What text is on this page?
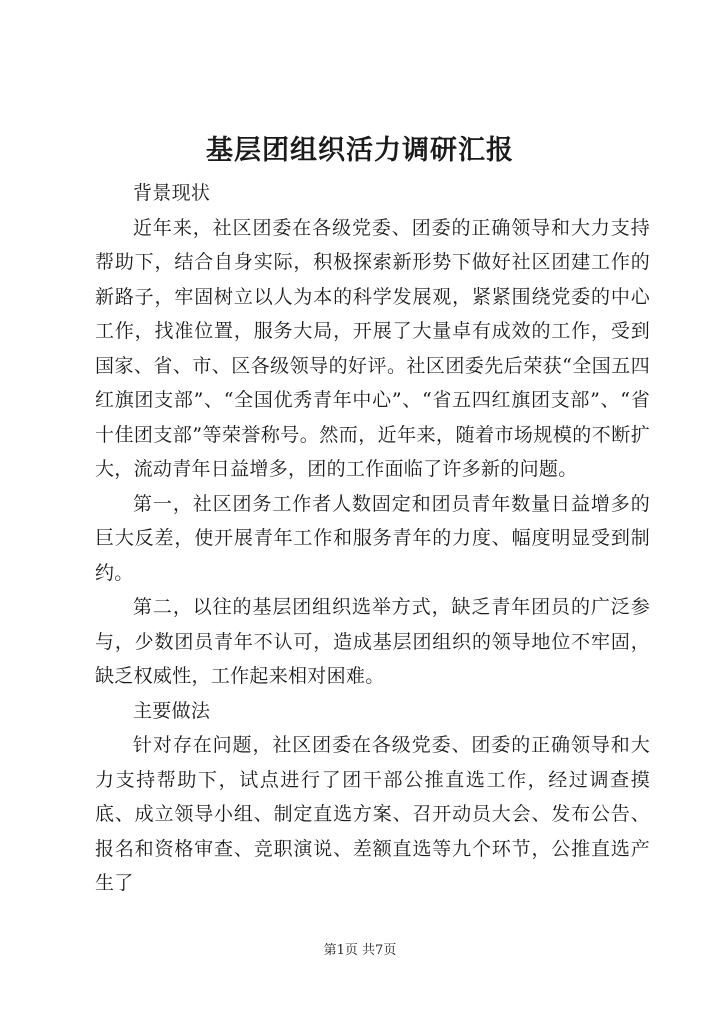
基层团组织活力调研汇报

背景现状

近年来，社区团委在各级党委、团委的正确领导和大力支持帮助下，结合自身实际，积极探索新形势下做好社区团建工作的新路子，牢固树立以人为本的科学发展观，紧紧围绕党委的中心工作，找准位置，服务大局，开展了大量卓有成效的工作，受到国家、省、市、区各级领导的好评。社区团委先后荣获“全国五四红旗团支部”、“全国优秀青年中心”、“省五四红旗团支部”、“省十佳团支部”等荣誉称号。然而，近年来，随着市场规模的不断扩大，流动青年日益增多，团的工作面临了许多新的问题。

第一，社区团务工作者人数固定和团员青年数量日益增多的巨大反差，使开展青年工作和服务青年的力度、幅度明显受到制约。

第二，以往的基层团组织选举方式，缺乏青年团员的广泛参与，少数团员青年不认可，造成基层团组织的领导地位不牢固，缺乏权威性，工作起来相对困难。

主要做法

针对存在问题，社区团委在各级党委、团委的正确领导和大力支持帮助下，试点进行了团干部公推直选工作，经过调查摸底、成立领导小组、制定直选方案、召开动员大会、发布公告、报名和资格审查、竞职演说、差额直选等九个环节，公推直选产生了

第1页 共7页
